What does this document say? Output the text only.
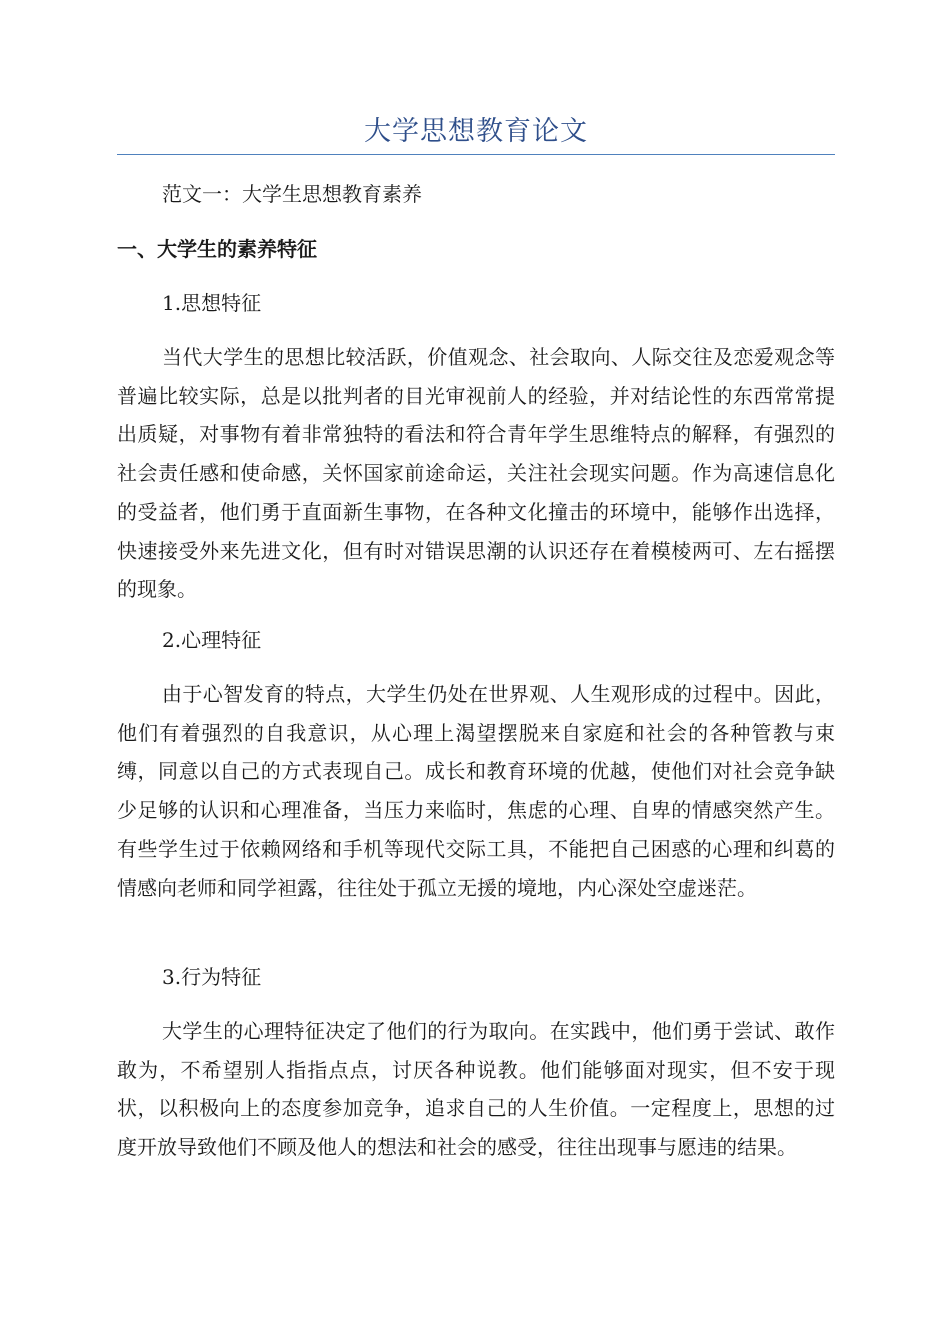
大学思想教育论文

范文一：大学生思想教育素养

一、大学生的素养特征

1.思想特征

当代大学生的思想比较活跃，价值观念、社会取向、人际交往及恋爱观念等普遍比较实际，总是以批判者的目光审视前人的经验，并对结论性的东西常常提出质疑，对事物有着非常独特的看法和符合青年学生思维特点的解释，有强烈的社会责任感和使命感，关怀国家前途命运，关注社会现实问题。作为高速信息化的受益者，他们勇于直面新生事物，在各种文化撞击的环境中，能够作出选择，快速接受外来先进文化，但有时对错误思潮的认识还存在着模棱两可、左右摇摆的现象。

2.心理特征

由于心智发育的特点，大学生仍处在世界观、人生观形成的过程中。因此，他们有着强烈的自我意识，从心理上渴望摆脱来自家庭和社会的各种管教与束缚，同意以自己的方式表现自己。成长和教育环境的优越，使他们对社会竞争缺少足够的认识和心理准备，当压力来临时，焦虑的心理、自卑的情感突然产生。有些学生过于依赖网络和手机等现代交际工具，不能把自己困惑的心理和纠葛的情感向老师和同学袒露，往往处于孤立无援的境地，内心深处空虚迷茫。

3.行为特征

大学生的心理特征决定了他们的行为取向。在实践中，他们勇于尝试、敢作敢为，不希望别人指指点点，讨厌各种说教。他们能够面对现实，但不安于现状，以积极向上的态度参加竞争，追求自己的人生价值。一定程度上，思想的过度开放导致他们不顾及他人的想法和社会的感受，往往出现事与愿违的结果。
